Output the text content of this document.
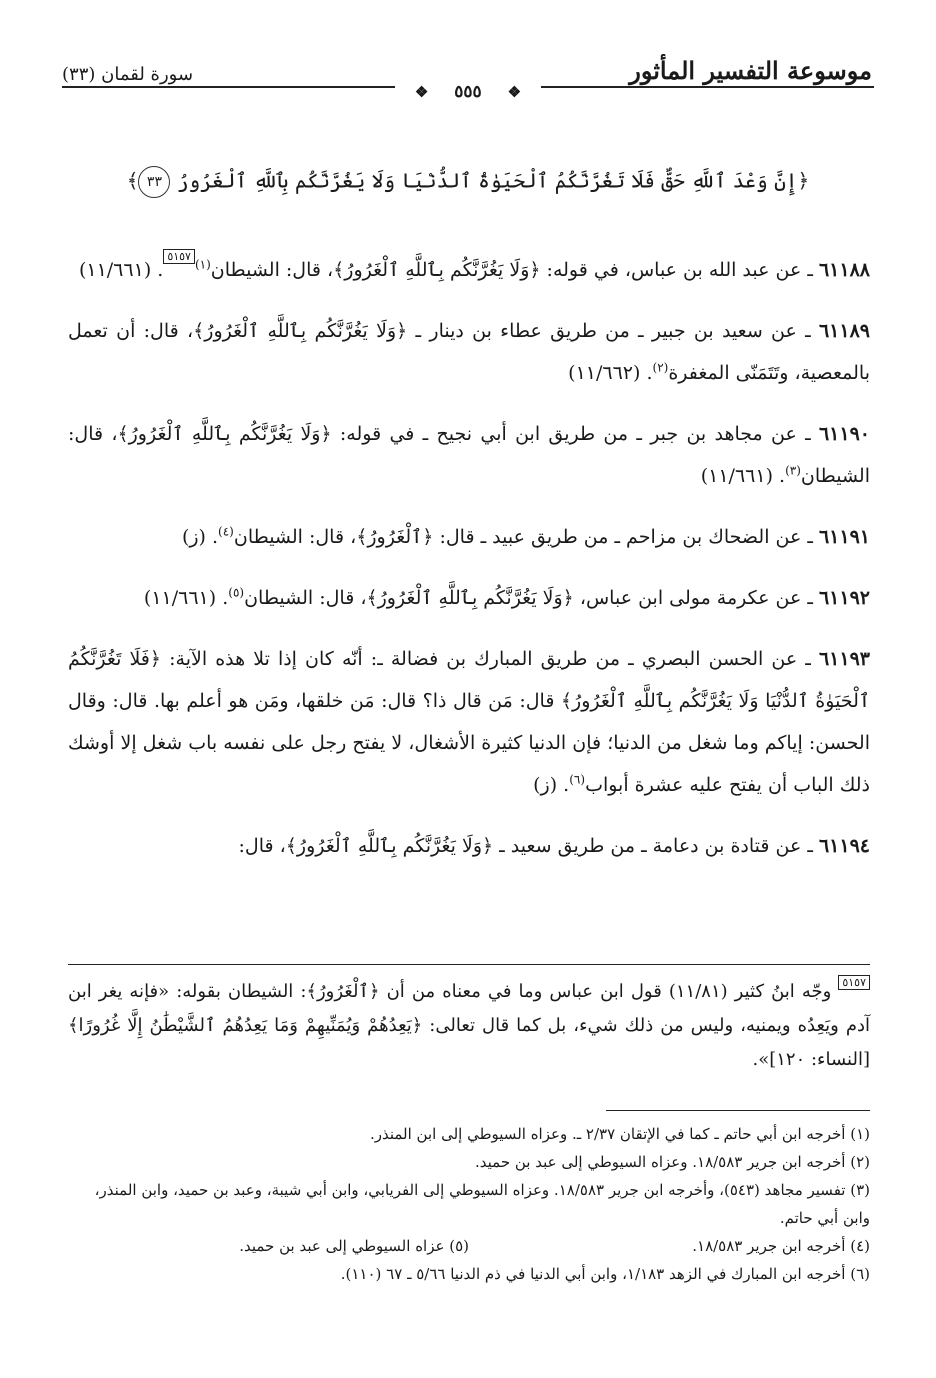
موسوعة التفسير المأثور
سورة لقمان (٣٣)
❖ ٥٥٥ ❖
﴿إِنَّ وَعْدَ ٱللَّهِ حَقٌّ فَلَا تَغُرَّنَّكُمُ ٱلْحَيَوٰةُ ٱلدُّنْيَا وَلَا يَغُرَّنَّكُم بِٱللَّهِ ٱلْغَرُورُ ٣٣﴾

٦١١٨٨ ـ عن عبد الله بن عباس، في قوله: ﴿وَلَا يَغُرَّنَّكُم بِٱللَّهِ ٱلْغَرُورُ﴾، قال: الشيطان$^{(١)}$٥١٥٧. (١١/٦٦١)

٦١١٨٩ ـ عن سعيد بن جبير ـ من طريق عطاء بن دينار ـ ﴿وَلَا يَغُرَّنَّكُم بِٱللَّهِ ٱلْغَرُورُ﴾، قال: أن تعمل بالمعصية، وتَتَمَنّى المغفرة$^{(٢)}$. (١١/٦٦٢)

٦١١٩٠ ـ عن مجاهد بن جبر ـ من طريق ابن أبي نجيح ـ في قوله: ﴿وَلَا يَغُرَّنَّكُم بِٱللَّهِ ٱلْغَرُورُ﴾، قال: الشيطان$^{(٣)}$. (١١/٦٦١)

٦١١٩١ ـ عن الضحاك بن مزاحم ـ من طريق عبيد ـ قال: ﴿ٱلْغَرُورُ﴾، قال: الشيطان$^{(٤)}$. (ز)

٦١١٩٢ ـ عن عكرمة مولى ابن عباس، ﴿وَلَا يَغُرَّنَّكُم بِٱللَّهِ ٱلْغَرُورُ﴾، قال: الشيطان$^{(٥)}$. (١١/٦٦١)

٦١١٩٣ ـ عن الحسن البصري ـ من طريق المبارك بن فضالة ـ: أنّه كان إذا تلا هذه الآية: ﴿فَلَا تَغُرَّنَّكُمُ ٱلْحَيَوٰةُ ٱلدُّنْيَا وَلَا يَغُرَّنَّكُم بِٱللَّهِ ٱلْغَرُورُ﴾ قال: مَن قال ذا؟ قال: مَن خلقها، ومَن هو أعلم بها. قال: وقال الحسن: إياكم وما شغل من الدنيا؛ فإن الدنيا كثيرة الأشغال، لا يفتح رجل على نفسه باب شغل إلا أوشك ذلك الباب أن يفتح عليه عشرة أبواب$^{(٦)}$. (ز)

٦١١٩٤ ـ عن قتادة بن دعامة ـ من طريق سعيد ـ ﴿وَلَا يَغُرَّنَّكُم بِٱللَّهِ ٱلْغَرُورُ﴾، قال:

٥١٥٧ وجّه ابنُ كثير (١١/٨١) قول ابن عباس وما في معناه من أن ﴿ٱلْغَرُورُ﴾: الشيطان بقوله: «فإنه يغر ابن آدم ويَعِدُه ويمنيه، وليس من ذلك شيء، بل كما قال تعالى: ﴿يَعِدُهُمْ وَيُمَنِّيهِمْ وَمَا يَعِدُهُمُ ٱلشَّيْطَٰنُ إِلَّا غُرُورًا﴾ [النساء: ١٢٠]».
(١) أخرجه ابن أبي حاتم ـ كما في الإتقان ٢/٣٧ ـ. وعزاه السيوطي إلى ابن المنذر.
(٢) أخرجه ابن جرير ١٨/٥٨٣. وعزاه السيوطي إلى عبد بن حميد.
(٣) تفسير مجاهد (٥٤٣)، وأخرجه ابن جرير ١٨/٥٨٣. وعزاه السيوطي إلى الفريابي، وابن أبي شيبة، وعبد بن حميد، وابن المنذر، وابن أبي حاتم.
(٤) أخرجه ابن جرير ١٨/٥٨٣.
(٥) عزاه السيوطي إلى عبد بن حميد.
(٦) أخرجه ابن المبارك في الزهد ١/١٨٣، وابن أبي الدنيا في ذم الدنيا ٥/٦٦ ـ ٦٧ (١١٠).
